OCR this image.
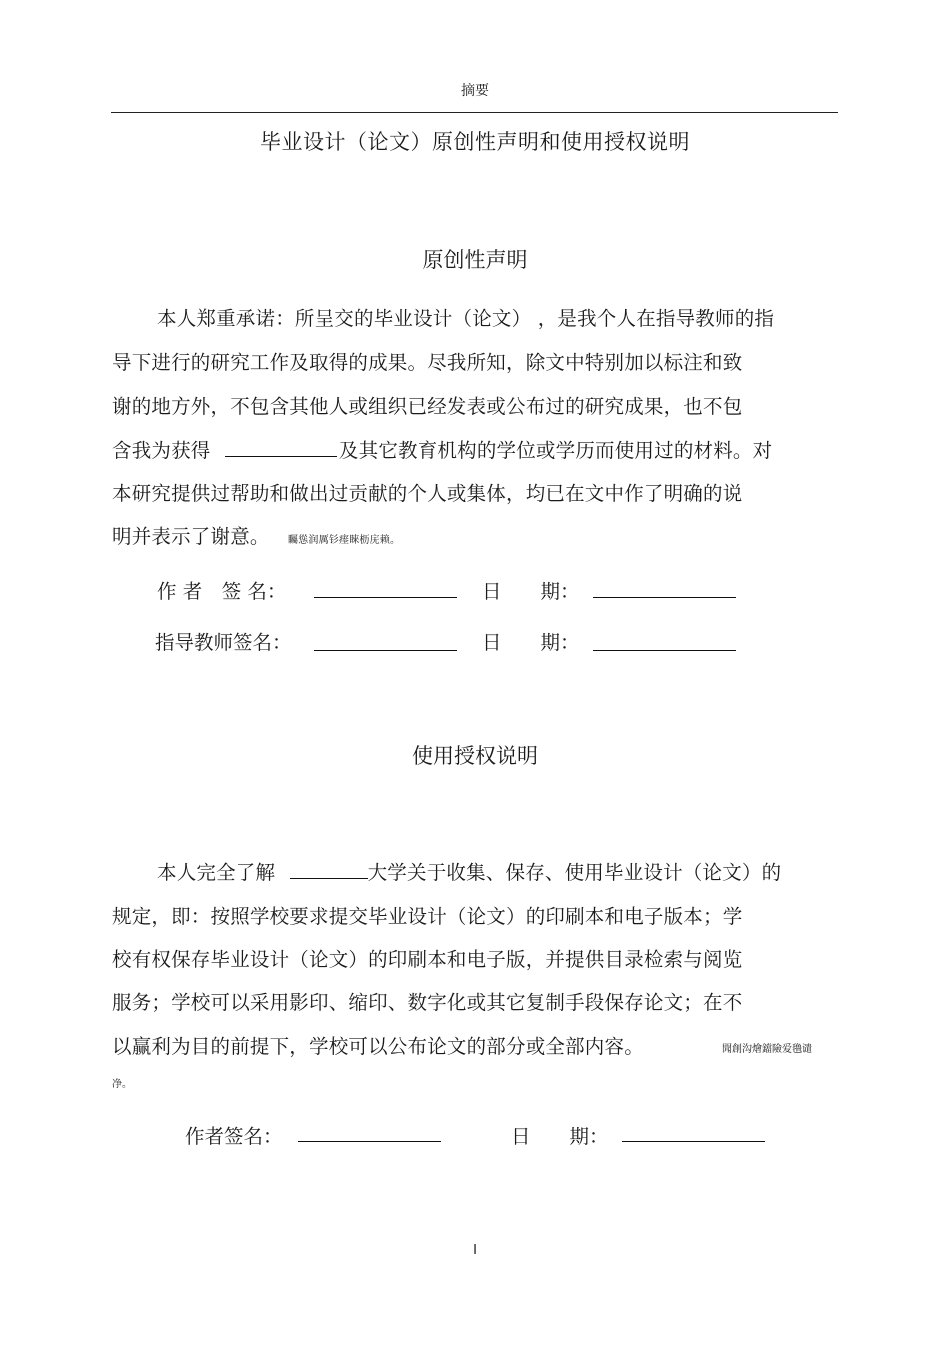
摘要
毕业设计（论文）原创性声明和使用授权说明
原创性声明
本人郑重承诺：所呈交的毕业设计（论文） ，是我个人在指导教师的指
导下进行的研究工作及取得的成果。尽我所知，除文中特别加以标注和致
谢的地方外，不包含其他人或组织已经发表或公布过的研究成果，也不包
含我为获得	及其它教育机构的学位或学历而使用过的材料。对
本研究提供过帮助和做出过贡献的个人或集体，均已在文中作了明确的说
明并表示了谢意。 矚慫润厲钐瘗睞枥庑赖。
作 者　签 名：	日　　期：
指导教师签名：	日　　期：
使用授权说明
本人完全了解	大学关于收集、保存、使用毕业设计（论文）的
规定，即：按照学校要求提交毕业设计（论文）的印刷本和电子版本；学
校有权保存毕业设计（论文）的印刷本和电子版，并提供目录检索与阅览
服务；学校可以采用影印、缩印、数字化或其它复制手段保存论文；在不
以赢利为目的前提下，学校可以公布论文的部分或全部内容。	聞創沟燴鐺險爱氇谴
净。
作者签名：	日　　期：
I
